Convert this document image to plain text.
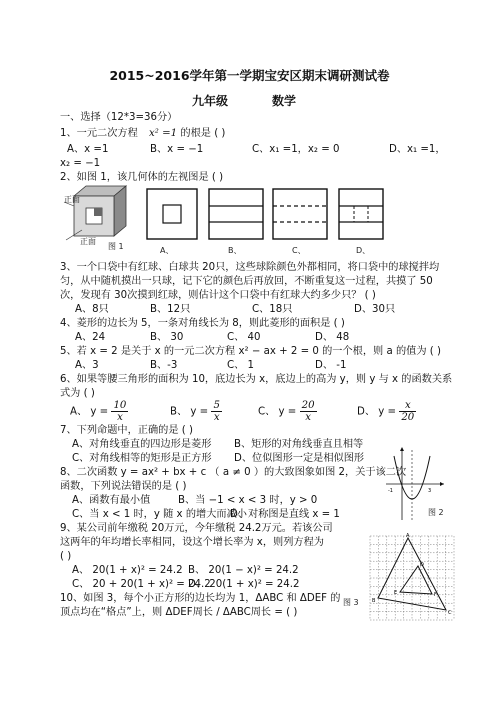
2015~2016学年第一学期宝安区期末调研测试卷
九年级	数学
一、选择（12*3=36分）
1、一元二次方程 x² =1 的根是 ( )
A、x =1	B、x = −1	C、x₁ =1，x₂ = 0	D、x₁ =1，
x₂ = −1
2、如图 1，该几何体的左视图是 ( )
正面
正面
图 1	A、	B、	C、	D、
3、一个口袋中有红球、白球共 20只，这些球除颜色外都相同，将口袋中的球搅拌均
匀，从中随机摸出一只球，记下它的颜色后再放回，不断重复这一过程，共摸了 50
次，发现有 30次摸到红球，则估计这个口袋中有红球大约多少只？ ( )
A、8只	B、12只	C、18只	D、30只
4、菱形的边长为 5，一条对角线长为 8，则此菱形的面积是 ( )
A、24	B、 30	C、 40	D、 48
5、若 x = 2 是关于 x 的一元二次方程 x² − ax + 2 = 0 的一个根，则 a 的值为 ( )
A、3	B、-3	C、 1	D、 -1
6、如果等腰三角形的面积为 10，底边长为 x，底边上的高为 y，则 y 与 x 的函数关系
式为 ( )
A、 $y = \frac{10}{x}$	B、 $y = \frac{5}{x}$	C、 $y = \frac{20}{x}$	D、 $y = \frac{x}{20}$
7、下列命题中，正确的是 ( )
A、对角线垂直的四边形是菱形 B、矩形的对角线垂直且相等
C、对角线相等的矩形是正方形 D、位似图形一定是相似图形
8、二次函数 y = ax² + bx + c （ a ≠ 0 ）的大致图象如图 2，关于该二次
函数，下列说法错误的是 ( )
A、函数有最小值	B、当 −1 < x < 3 时，y > 0
C、当 x < 1 时，y 随 x 的增大而减小
D、对称图是直线 x = 1
-1	3
图 2
9、某公司前年缴税 20万元，今年缴税 24.2万元。若该公司
这两年的年均增长率相同，设这个增长率为 x，则列方程为
( )
A、 20(1 + x)² = 24.2 B、 20(1 − x)² = 24.2
C、 20 + 20(1 + x)² = 24.2
D、 20(1 + x)² = 24.2
10、如图 3，每个小正方形的边长均为 1，ΔABC 和 ΔDEF 的
顶点均在“格点”上，则 ΔDEF周长 / ΔABC周长 = ( )
A
B
C
D
E	F
图 3
